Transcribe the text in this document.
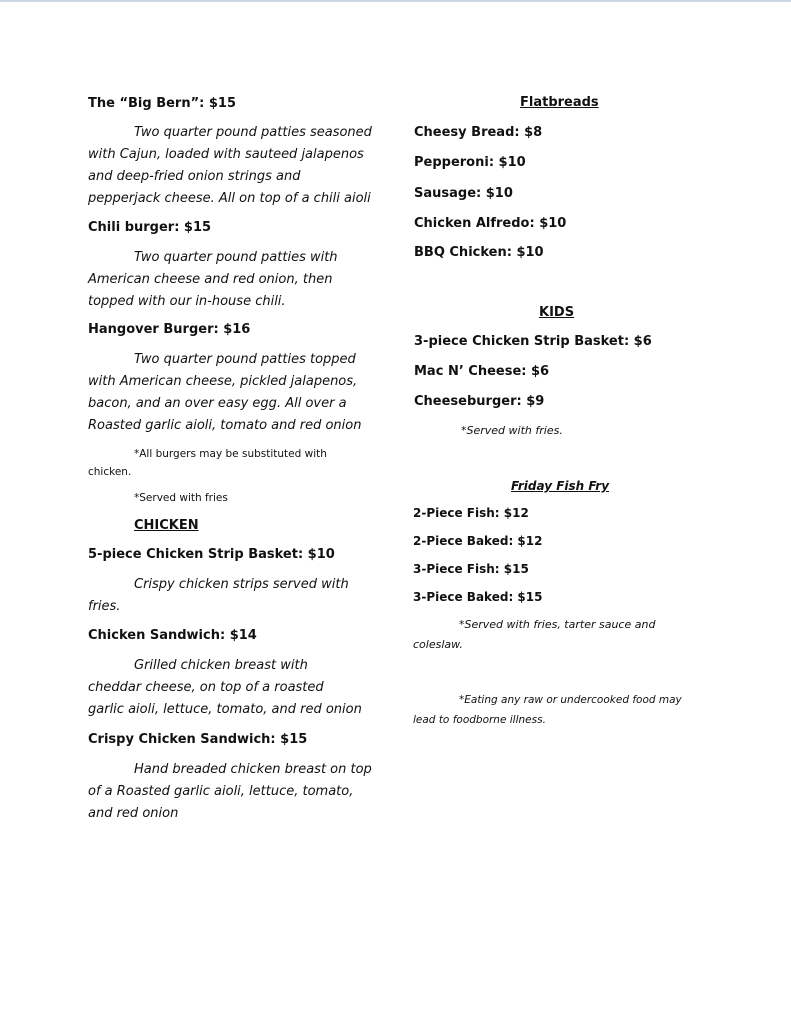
The “Big Bern”: $15
Two quarter pound patties seasoned with Cajun, loaded with sauteed jalapenos and deep-fried onion strings and pepperjack cheese. All on top of a chili aioli
Chili burger: $15
Two quarter pound patties with American cheese and red onion, then topped with our in-house chili.
Hangover Burger: $16
Two quarter pound patties topped with American cheese, pickled jalapenos, bacon, and an over easy egg. All over a Roasted garlic aioli, tomato and red onion
*All burgers may be substituted with chicken.
*Served with fries
CHICKEN
5-piece Chicken Strip Basket: $10
Crispy chicken strips served with fries.
Chicken Sandwich: $14
Grilled chicken breast with cheddar cheese, on top of a roasted garlic aioli, lettuce, tomato, and red onion
Crispy Chicken Sandwich: $15
Hand breaded chicken breast on top of a Roasted garlic aioli, lettuce, tomato, and red onion
Flatbreads
Cheesy Bread: $8
Pepperoni: $10
Sausage: $10
Chicken Alfredo: $10
BBQ Chicken: $10
KIDS
3-piece Chicken Strip Basket: $6
Mac N’ Cheese: $6
Cheeseburger: $9
*Served with fries.
Friday Fish Fry
2-Piece Fish: $12
2-Piece Baked: $12
3-Piece Fish: $15
3-Piece Baked: $15
*Served with fries, tarter sauce and coleslaw.
*Eating any raw or undercooked food may lead to foodborne illness.
